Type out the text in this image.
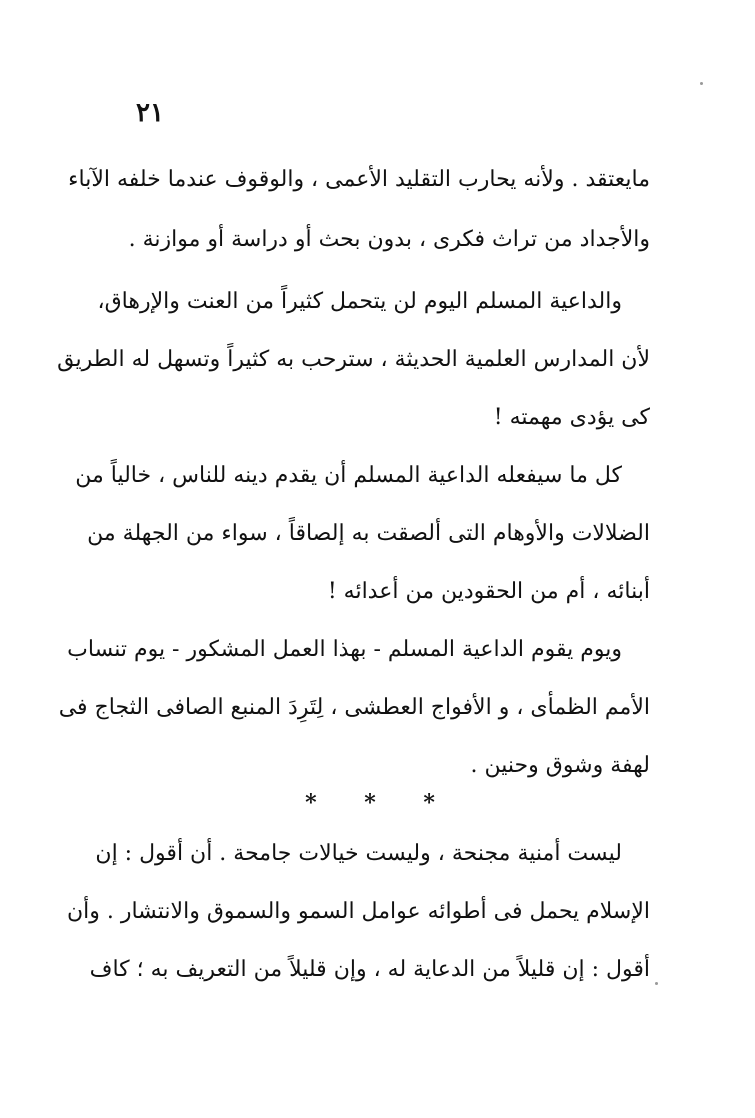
٢١
مايعتقد . ولأنه يحارب التقليد الأعمى ، والوقوف عندما خلفه الآباء
والأجداد من تراث فكرى ، بدون بحث أو دراسة أو موازنة .
والداعية المسلم اليوم لن يتحمل كثيراً من العنت والإرهاق،
لأن المدارس العلمية الحديثة ، سترحب به كثيراً وتسهل له الطريق
كى يؤدى مهمته !
كل ما سيفعله الداعية المسلم أن يقدم دينه للناس ، خالياً من
الضلالات والأوهام التى ألصقت به إلصاقاً ، سواء من الجهلة من
أبنائه ، أم من الحقودين من أعدائه !
ويوم يقوم الداعية المسلم - بهذا العمل المشكور - يوم تنساب
الأمم الظمأى ، و الأفواج العطشى ، لِتَرِدَ المنبع الصافى الثجاج فى
لهفة وشوق وحنين .
* * *
ليست أمنية مجنحة ، وليست خيالات جامحة . أن أقول : إن
الإسلام يحمل فى أطوائه عوامل السمو والسموق والانتشار . وأن
أقول : إن قليلاً من الدعاية له ، وإن قليلاً من التعريف به ؛ كاف
